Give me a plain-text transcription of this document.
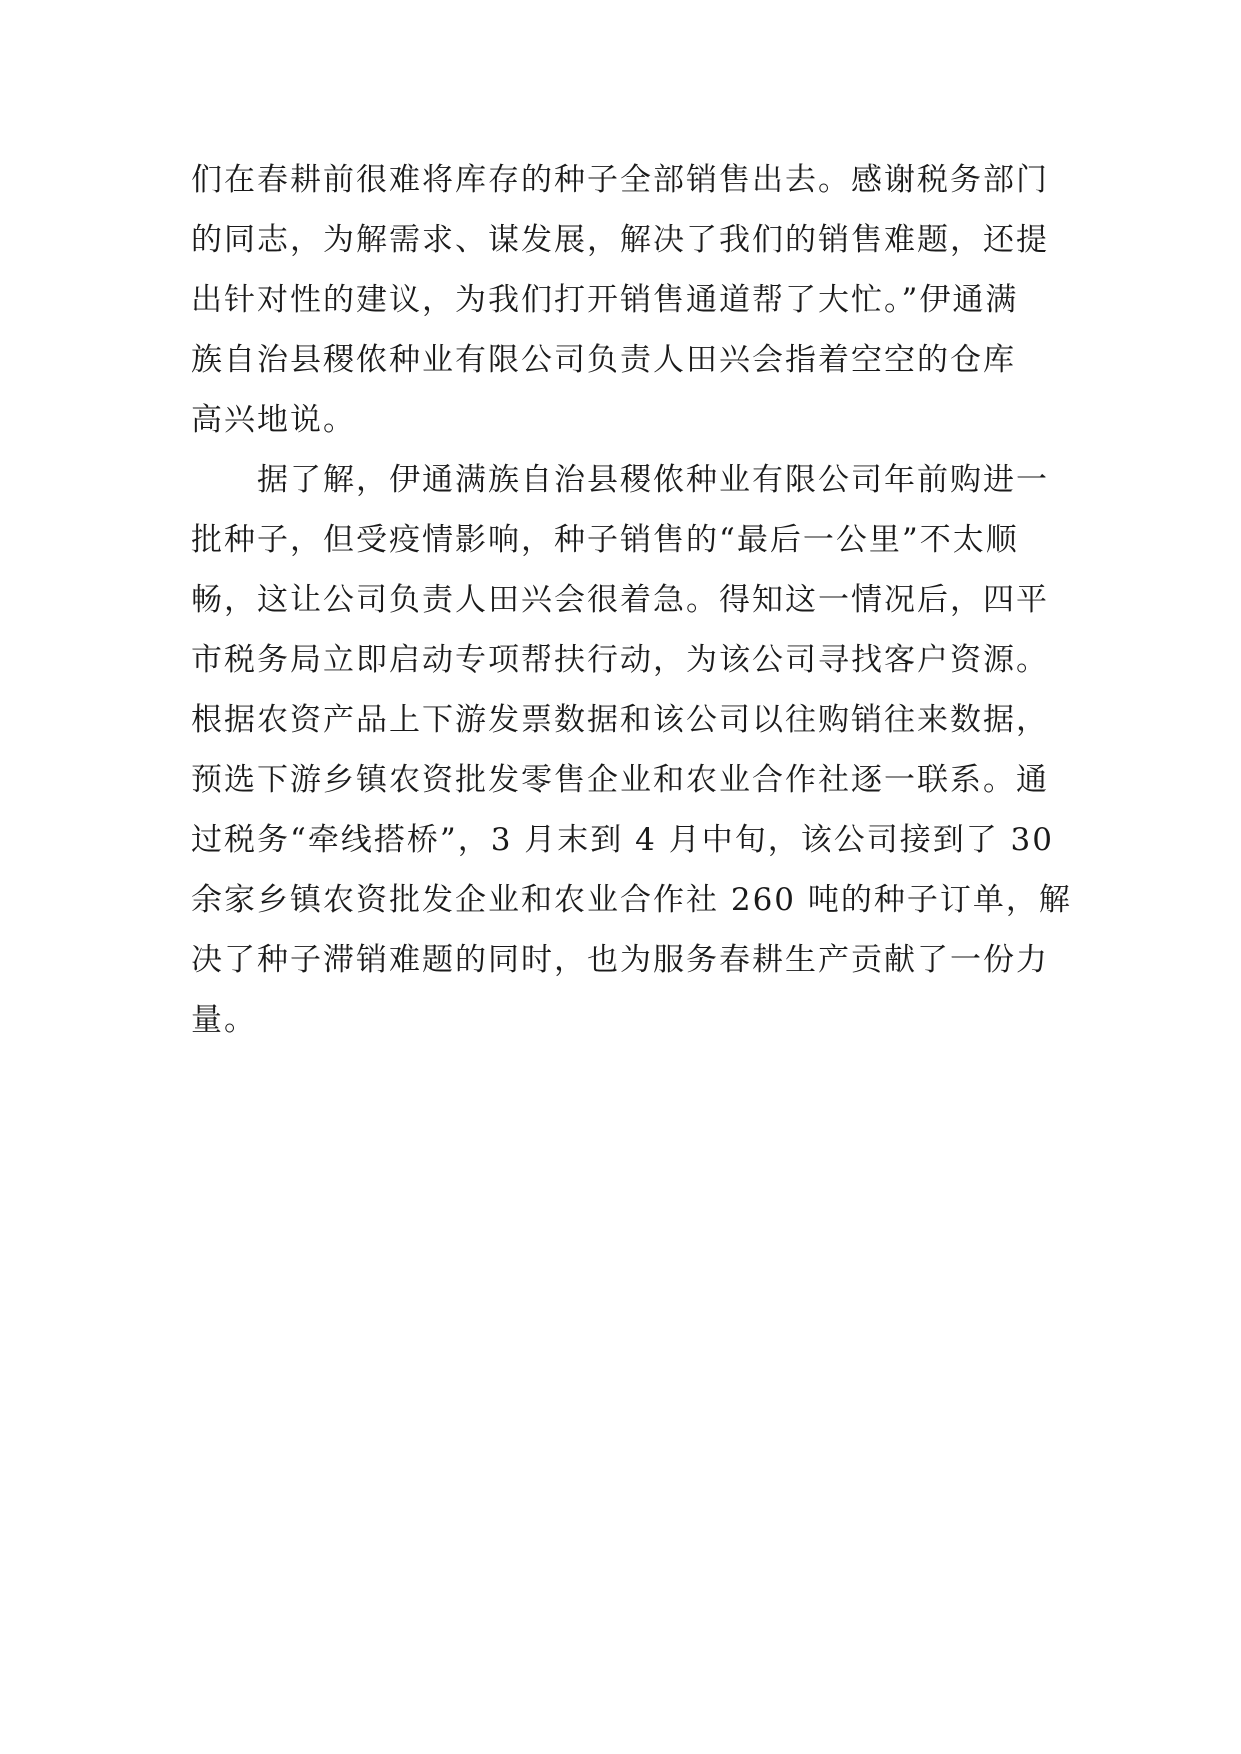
们在春耕前很难将库存的种子全部销售出去。感谢税务部门
的同志，为解需求、谋发展，解决了我们的销售难题，还提
出针对性的建议，为我们打开销售通道帮了大忙。”伊通满
族自治县稷侬种业有限公司负责人田兴会指着空空的仓库
高兴地说。
据了解，伊通满族自治县稷侬种业有限公司年前购进一
批种子，但受疫情影响，种子销售的“最后一公里”不太顺
畅，这让公司负责人田兴会很着急。得知这一情况后，四平
市税务局立即启动专项帮扶行动，为该公司寻找客户资源。
根据农资产品上下游发票数据和该公司以往购销往来数据，
预选下游乡镇农资批发零售企业和农业合作社逐一联系。通
过税务“牵线搭桥”，3 月末到 4 月中旬，该公司接到了 30
余家乡镇农资批发企业和农业合作社 260 吨的种子订单，解
决了种子滞销难题的同时，也为服务春耕生产贡献了一份力
量。
